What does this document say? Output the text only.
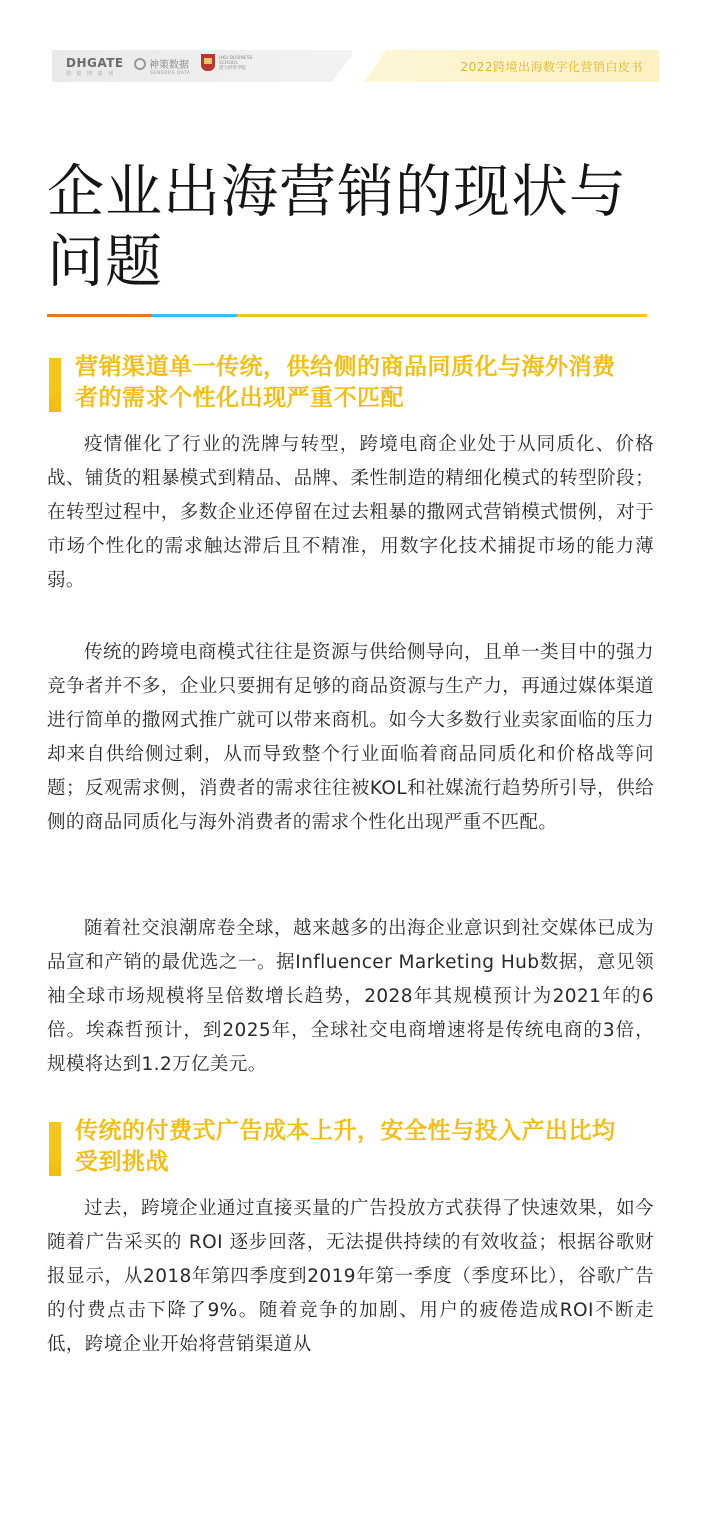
DHGATE
敦 煌 网 集 团
神策数据
SENSORS DATA
HKU BUSINESS SCHOOL
港大经管学院	2022跨境出海数字化营销白皮书
企业出海营销的现状与问题
营销渠道单一传统，供给侧的商品同质化与海外消费者的需求个性化出现严重不匹配

疫情催化了行业的洗牌与转型，跨境电商企业处于从同质化、价格战、铺货的粗暴模式到精品、品牌、柔性制造的精细化模式的转型阶段；在转型过程中，多数企业还停留在过去粗暴的撒网式营销模式惯例，对于市场个性化的需求触达滞后且不精准，用数字化技术捕捉市场的能力薄弱。

传统的跨境电商模式往往是资源与供给侧导向，且单一类目中的强力竞争者并不多，企业只要拥有足够的商品资源与生产力，再通过媒体渠道进行简单的撒网式推广就可以带来商机。如今大多数行业卖家面临的压力却来自供给侧过剩，从而导致整个行业面临着商品同质化和价格战等问题；反观需求侧，消费者的需求往往被KOL和社媒流行趋势所引导，供给侧的商品同质化与海外消费者的需求个性化出现严重不匹配。

随着社交浪潮席卷全球，越来越多的出海企业意识到社交媒体已成为品宣和产销的最优选之一。据Influencer Marketing Hub数据，意见领袖全球市场规模将呈倍数增长趋势，2028年其规模预计为2021年的6倍。埃森哲预计，到2025年，全球社交电商增速将是传统电商的3倍，规模将达到1.2万亿美元。

传统的付费式广告成本上升，安全性与投入产出比均受到挑战

过去，跨境企业通过直接买量的广告投放方式获得了快速效果，如今随着广告采买的 ROI 逐步回落，无法提供持续的有效收益；根据谷歌财报显示，从2018年第四季度到2019年第一季度（季度环比），谷歌广告的付费点击下降了9%。随着竞争的加剧、用户的疲倦造成ROI不断走低，跨境企业开始将营销渠道从
